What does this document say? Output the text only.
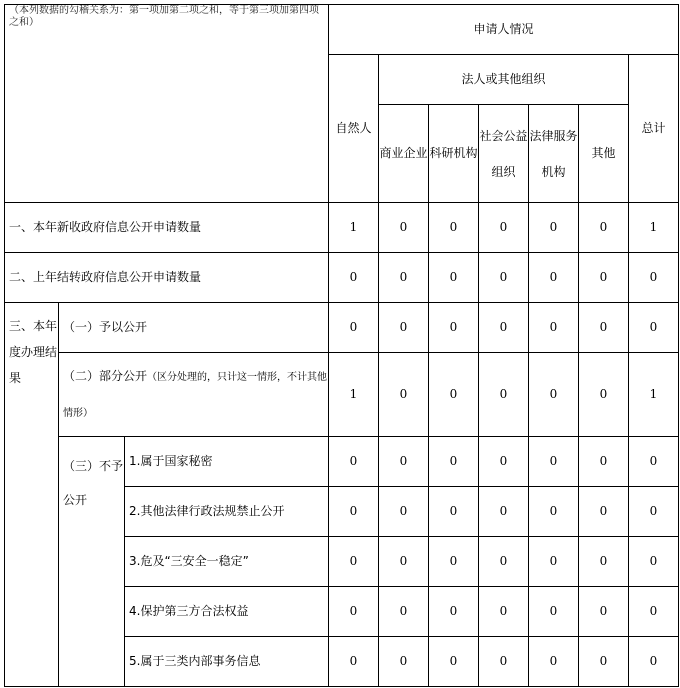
（本列数据的勾稽关系为：第一项加第二项之和，等于第三项加第四项之和）			申请人情况						
			自然人	法人或其他组织					总计
				商业企业	科研机构	社会公益组织	法律服务机构	其他	
一、本年新收政府信息公开申请数量			1	0	0	0	0	0	1
二、上年结转政府信息公开申请数量			0	0	0	0	0	0	0
三、本年度办理结果	（一）予以公开		0	0	0	0	0	0	0
	（二）部分公开（区分处理的，只计这一情形，不计其他情形）		1	0	0	0	0	0	1
	（三）不予公开	1.属于国家秘密	0	0	0	0	0	0	0
		2.其他法律行政法规禁止公开	0	0	0	0	0	0	0
		3.危及“三安全一稳定”	0	0	0	0	0	0	0
		4.保护第三方合法权益	0	0	0	0	0	0	0
		5.属于三类内部事务信息	0	0	0	0	0	0	0
